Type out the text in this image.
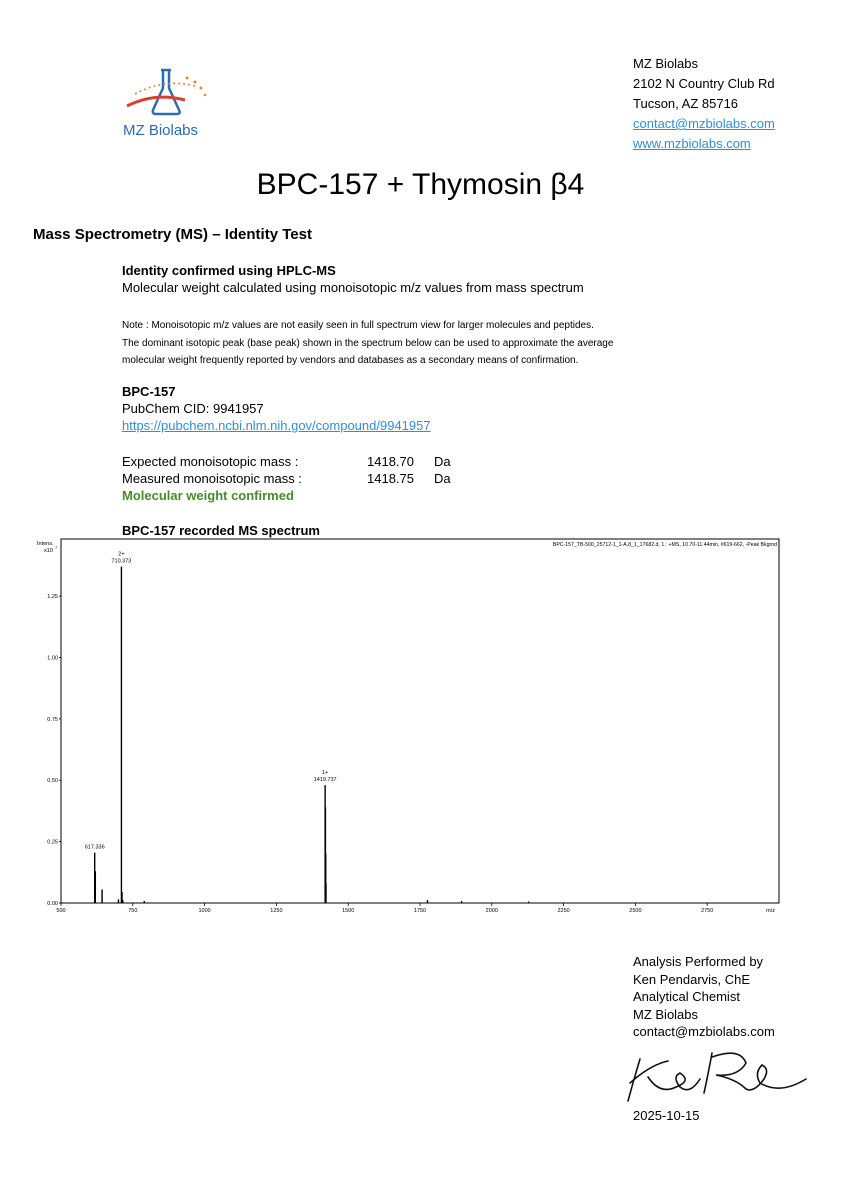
MZ Biolabs
MZ Biolabs
2102 N Country Club Rd
Tucson, AZ 85716
contact@mzbiolabs.com
www.mzbiolabs.com
BPC-157 + Thymosin β4
Mass Spectrometry (MS) – Identity Test
Identity confirmed using HPLC-MS
Molecular weight calculated using monoisotopic m/z values from mass spectrum
Note : Monoisotopic m/z values are not easily seen in full spectrum view for larger molecules and peptides.
The dominant isotopic peak (base peak) shown in the spectrum below can be used to approximate the average
molecular weight frequently reported by vendors and databases as a secondary means of confirmation.
BPC-157
PubChem CID: 9941957
https://pubchem.ncbi.nlm.nih.gov/compound/9941957
Expected monoisotopic mass :	1418.70 Da
Measured monoisotopic mass :	1418.75 Da
Molecular weight confirmed
BPC-157 recorded MS spectrum
BPC-157_TB-500_25712-1_1-A,8_1_17682.d, 1.: +MS, 10.70-11.44min, #619-662, -Peak Bkgrnd
Intens.
x10
7
m/z
0.00
0.25
0.50
0.75
1.00
1.25
500	750	1000	1250	1500	1750	2000	2250	2500	2750
617.336
710.373
2+
1419.737
1+
Analysis Performed by
Ken Pendarvis, ChE
Analytical Chemist
MZ Biolabs
contact@mzbiolabs.com
2025-10-15
